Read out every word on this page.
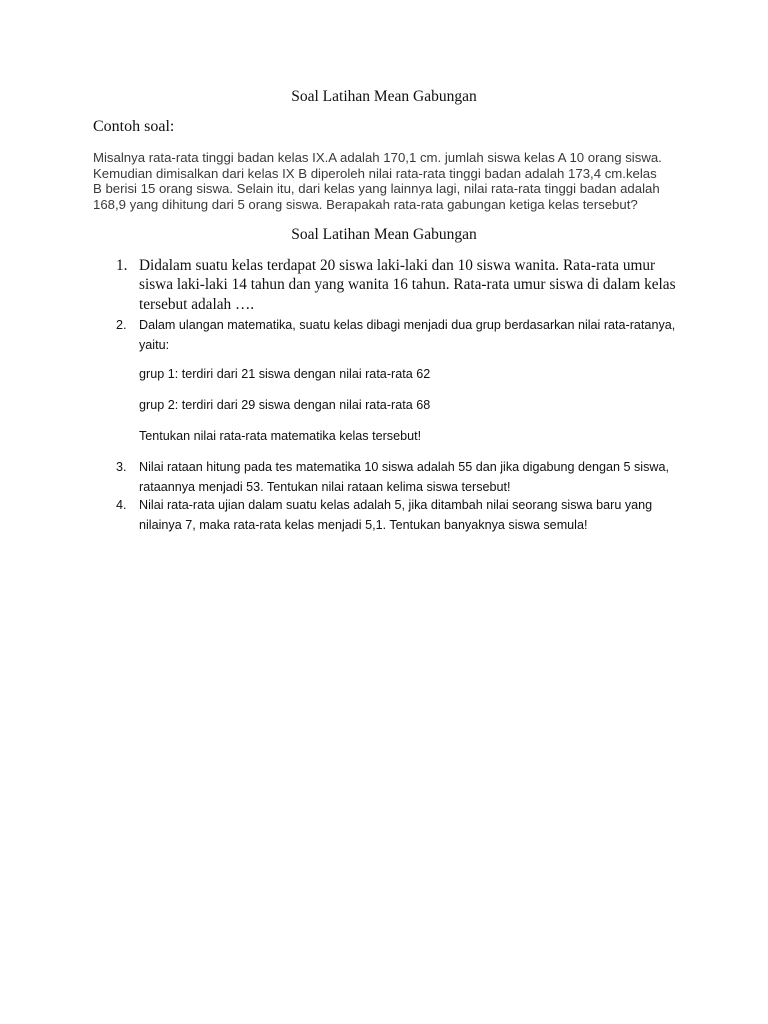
Soal Latihan Mean Gabungan
Contoh soal:

Misalnya rata-rata tinggi badan kelas IX.A adalah 170,1 cm. jumlah siswa kelas A 10 orang siswa. Kemudian dimisalkan dari kelas IX B diperoleh nilai rata-rata tinggi badan adalah 173,4 cm.kelas B berisi 15 orang siswa. Selain itu, dari kelas yang lainnya lagi, nilai rata-rata tinggi badan adalah 168,9 yang dihitung dari 5 orang siswa. Berapakah rata-rata gabungan ketiga kelas tersebut?

Soal Latihan Mean Gabungan
1. Didalam suatu kelas terdapat 20 siswa laki-laki dan 10 siswa wanita. Rata-rata umur siswa laki-laki 14 tahun dan yang wanita 16 tahun. Rata-rata umur siswa di dalam kelas tersebut adalah ….
2. Dalam ulangan matematika, suatu kelas dibagi menjadi dua grup berdasarkan nilai rata-ratanya, yaitu:
3. Nilai rataan hitung pada tes matematika 10 siswa adalah 55 dan jika digabung dengan 5 siswa, rataannya menjadi 53. Tentukan nilai rataan kelima siswa tersebut!
4. Nilai rata-rata ujian dalam suatu kelas adalah 5, jika ditambah nilai seorang siswa baru yang nilainya 7, maka rata-rata kelas menjadi 5,1. Tentukan banyaknya siswa semula!
grup 1: terdiri dari 21 siswa dengan nilai rata-rata 62
grup 2: terdiri dari 29 siswa dengan nilai rata-rata 68
Tentukan nilai rata-rata matematika kelas tersebut!
